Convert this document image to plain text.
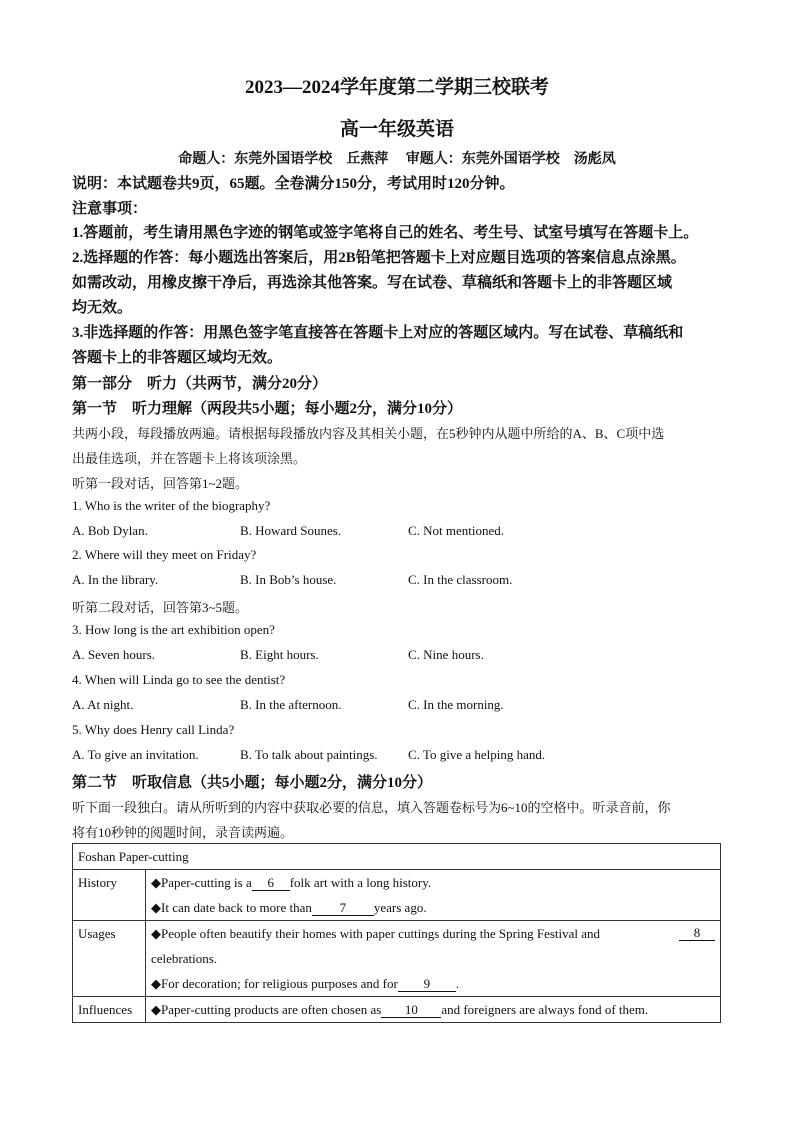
2023—2024学年度第二学期三校联考
高一年级英语
命题人：东莞外国语学校　丘燕萍　 审题人：东莞外国语学校　汤彪凤
说明：本试题卷共9页，65题。全卷满分150分，考试用时120分钟。
注意事项：
1.答题前，考生请用黑色字迹的钢笔或签字笔将自己的姓名、考生号、试室号填写在答题卡上。
2.选择题的作答：每小题选出答案后，用2B铅笔把答题卡上对应题目选项的答案信息点涂黑。
如需改动，用橡皮擦干净后，再选涂其他答案。写在试卷、草稿纸和答题卡上的非答题区域
均无效。
3.非选择题的作答：用黑色签字笔直接答在答题卡上对应的答题区域内。写在试卷、草稿纸和
答题卡上的非答题区域均无效。
第一部分　听力（共两节，满分20分）
第一节　听力理解（两段共5小题；每小题2分，满分10分）
共两小段，每段播放两遍。请根据每段播放内容及其相关小题，在5秒钟内从题中所给的A、B、C项中选
出最佳选项，并在答题卡上将该项涂黑。
听第一段对话，回答第1~2题。
1. Who is the writer of the biography?
A. Bob Dylan.	B. Howard Sounes.	C. Not mentioned.
2. Where will they meet on Friday?
A. In the library.	B. In Bob’s house.	C. In the classroom.
听第二段对话，回答第3~5题。
3. How long is the art exhibition open?
A. Seven hours.	B. Eight hours.	C. Nine hours.
4. When will Linda go to see the dentist?
A. At night.	B. In the afternoon.	C. In the morning.
5. Why does Henry call Linda?
A. To give an invitation.	B. To talk about paintings. C. To give a helping hand.
第二节　听取信息（共5小题；每小题2分，满分10分）
听下面一段独白。请从所听到的内容中获取必要的信息，填入答题卷标号为6~10的空格中。听录音前，你
将有10秒钟的阅题时间，录音读两遍。
Foshan Paper-cutting	
History	◆Paper-cutting is a 6 folk art with a long history.
◆It can date back to more than 7 years ago.

Usages	◆People often beautify their homes with paper cuttings during the Spring Festival and 8
celebrations.
◆For decoration; for religious purposes and for 9 .

Influences	◆Paper-cutting products are often chosen as 10 and foreigners are always fond of them.
